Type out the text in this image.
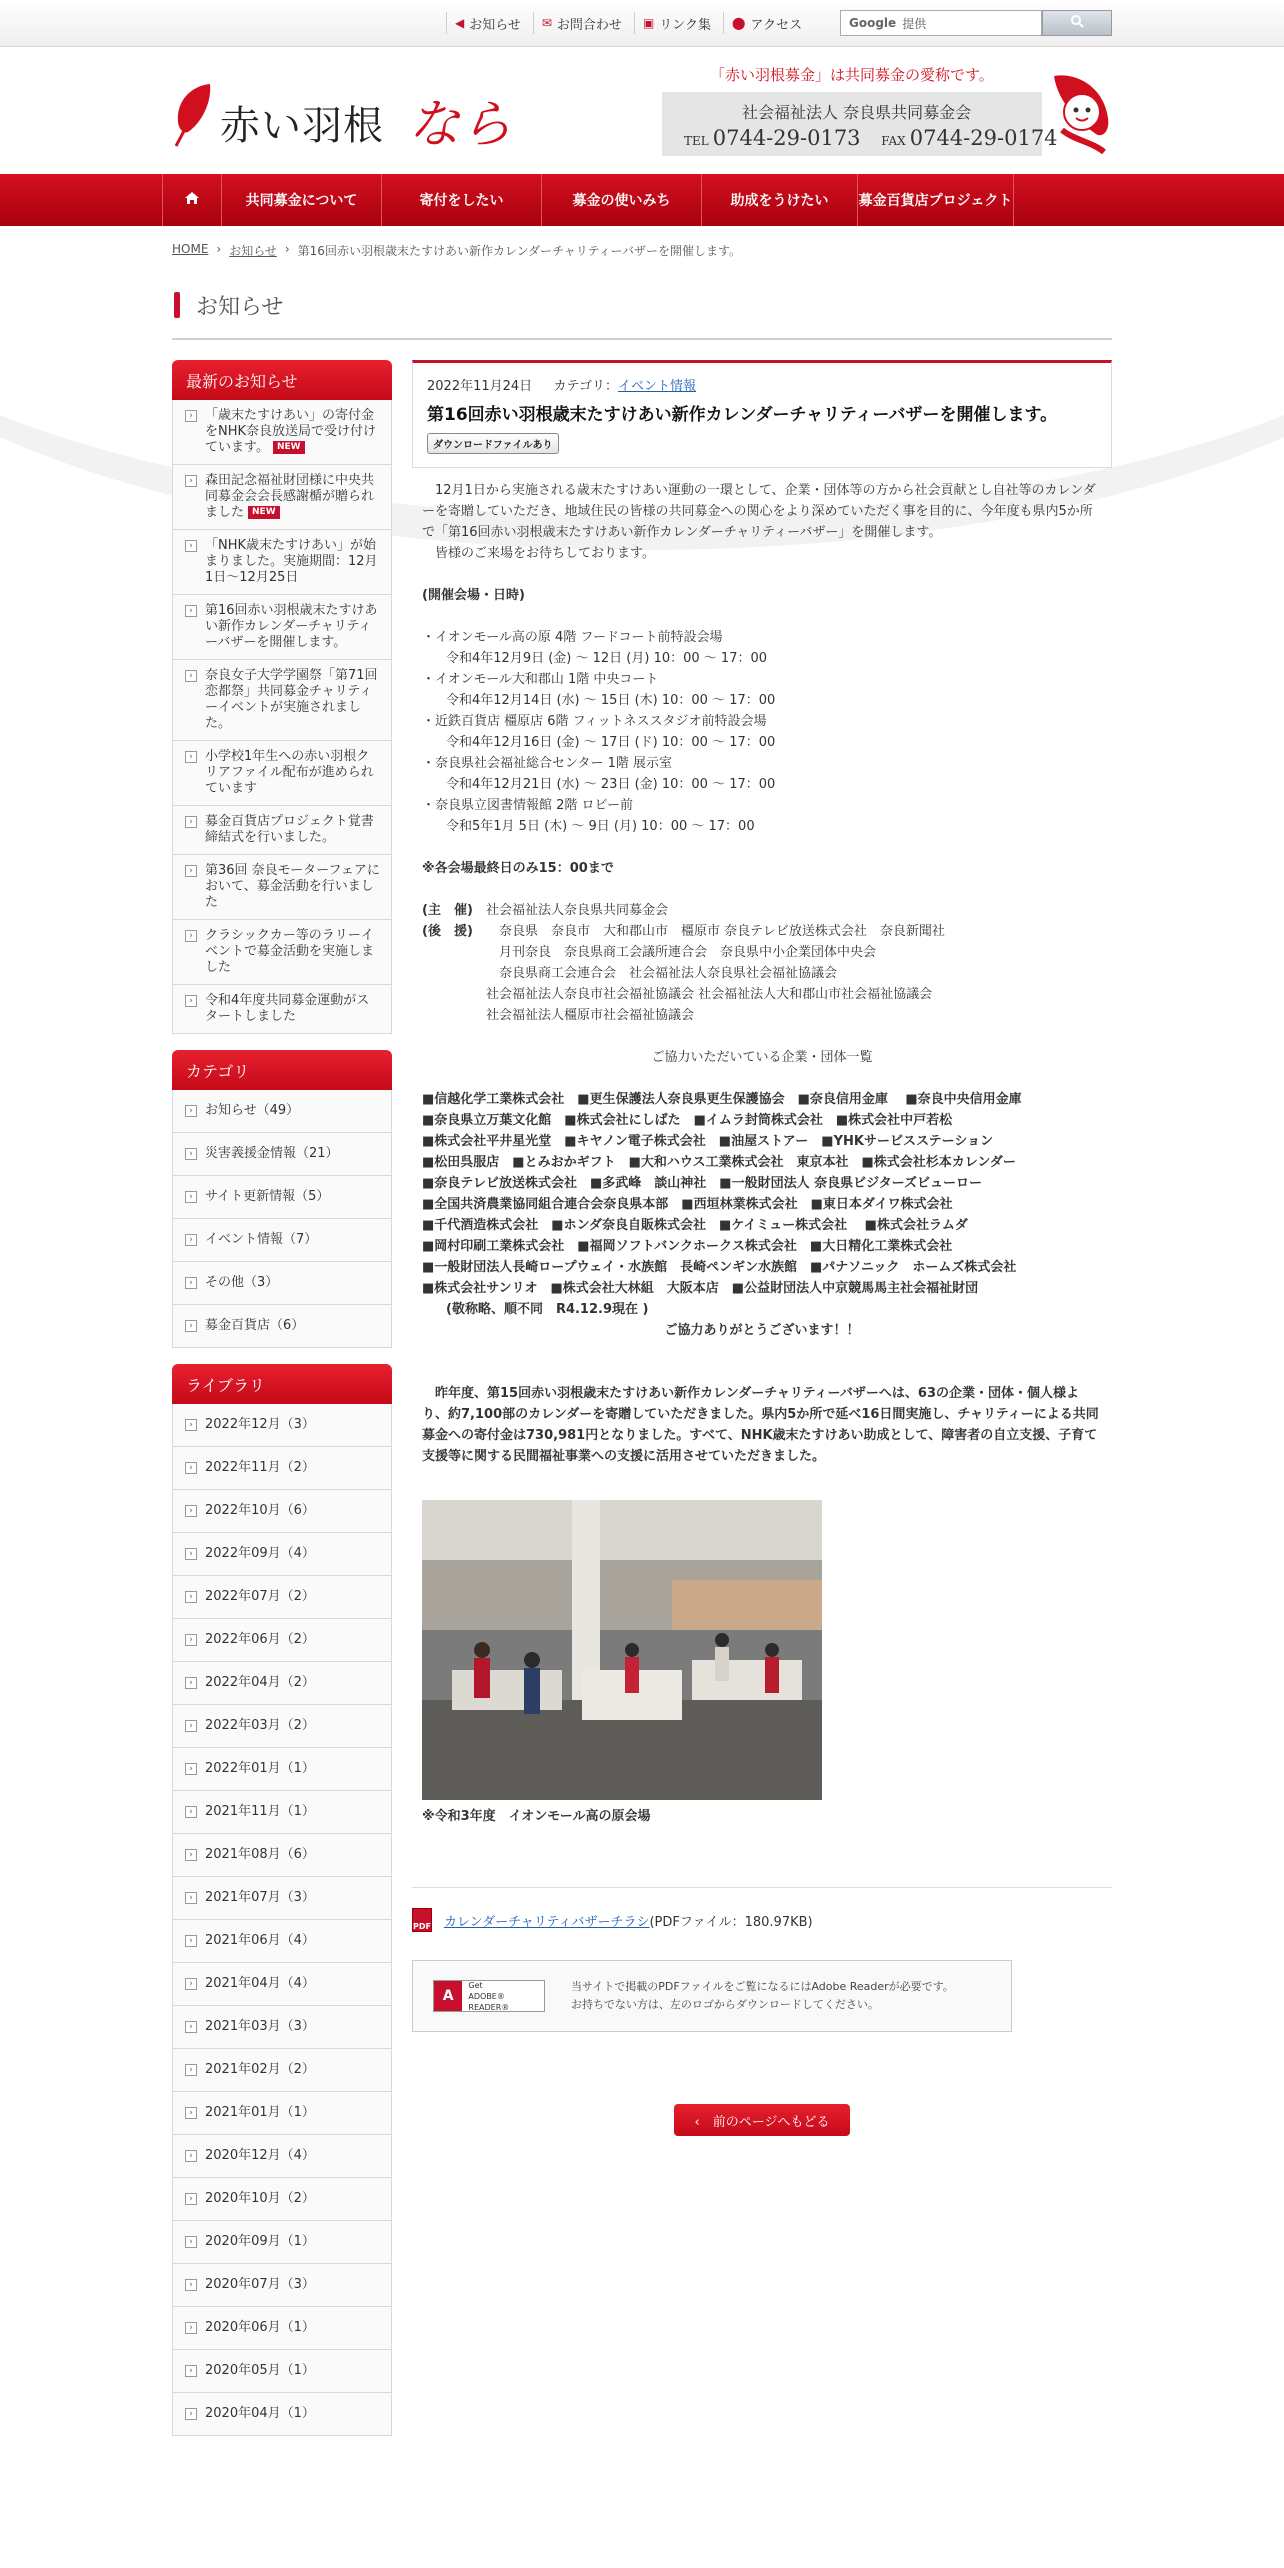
◀ お知らせ ✉ お問合わせ ▣ リンク集 ⬤ アクセス	Google 提供
赤い羽根 なら
「赤い羽根募金」は共同募金の愛称です。
社会福祉法人 奈良県共同募金会
TEL 0744-29-0173 FAX 0744-29-0174
共同募金について	寄付をしたい	募金の使いみち	助成をうけたい	募金百貨店プロジェクト
HOME › お知らせ › 第16回赤い羽根歳末たすけあい新作カレンダーチャリティーバザーを開催します。
お知らせ
最新のお知らせ
› 「歳末たすけあい」の寄付金をNHK奈良放送局で受け付けています。 NEW
› 森田記念福祉財団様に中央共同募金会会長感謝楯が贈られました NEW
› 「NHK歳末たすけあい」が始まりました。実施期間：12月1日～12月25日
› 第16回赤い羽根歳末たすけあい新作カレンダーチャリティーバザーを開催します。
› 奈良女子大学学園祭「第71回恋都祭」共同募金チャリティーイベントが実施されました。
› 小学校1年生への赤い羽根クリアファイル配布が進められています
› 募金百貨店プロジェクト覚書締結式を行いました。
› 第36回 奈良モーターフェアにおいて、募金活動を行いました
› クラシックカー等のラリーイベントで募金活動を実施しました
› 令和4年度共同募金運動がスタートしました
カテゴリ
› お知らせ（49）
› 災害義援金情報（21）
› サイト更新情報（5）
› イベント情報（7）
› その他（3）
› 募金百貨店（6）
ライブラリ
› 2022年12月（3）
› 2022年11月（2）
› 2022年10月（6）
› 2022年09月（4）
› 2022年07月（2）
› 2022年06月（2）
› 2022年04月（2）
› 2022年03月（2）
› 2022年01月（1）
› 2021年11月（1）
› 2021年08月（6）
› 2021年07月（3）
› 2021年06月（4）
› 2021年04月（4）
› 2021年03月（3）
› 2021年02月（2）
› 2021年01月（1）
› 2020年12月（4）
› 2020年10月（2）
› 2020年09月（1）
› 2020年07月（3）
› 2020年06月（1）
› 2020年05月（1）
› 2020年04月（1）
2022年11月24日 　 カテゴリ：イベント情報
第16回赤い羽根歳末たすけあい新作カレンダーチャリティーバザーを開催します。
ダウンロードファイルあり

　12月1日から実施される歳末たすけあい運動の一環として、企業・団体等の方から社会貢献とし自社等のカレンダーを寄贈していただき、地域住民の皆様の共同募金への関心をより深めていただく事を目的に、今年度も県内5か所で「第16回赤い羽根歳末たすけあい新作カレンダーチャリティーバザー」を開催します。

　皆様のご来場をお待ちしております。

(開催会場・日時)

・イオンモール高の原 4階 フードコート前特設会場

令和4年12月9日 (金) ～ 12日 (月) 10：00 ～ 17：00

・イオンモール大和郡山 1階 中央コート

令和4年12月14日 (水) ～ 15日 (木) 10：00 ～ 17：00

・近鉄百貨店 橿原店 6階 フィットネススタジオ前特設会場

令和4年12月16日 (金) ～ 17日 (ド) 10：00 ～ 17：00

・奈良県社会福祉総合センター 1階 展示室

令和4年12月21日 (水) ～ 23日 (金) 10：00 ～ 17：00

・奈良県立図書情報館 2階 ロビー前

令和5年1月 5日 (木) ～ 9日 (月) 10：00 ～ 17：00

※各会場最終日のみ15：00まで

(主　催)	社会福祉法人奈良県共同募金会
(後　援)	　奈良県　奈良市　大和郡山市　橿原市 奈良テレビ放送株式会社　奈良新聞社

　月刊奈良　奈良県商工会議所連合会　奈良県中小企業団体中央会

　奈良県商工会連合会　社会福祉法人奈良県社会福祉協議会

社会福祉法人奈良市社会福祉協議会 社会福祉法人大和郡山市社会福祉協議会

社会福祉法人橿原市社会福祉協議会

ご協力いただいている企業・団体一覧

■信越化学工業株式会社　■更生保護法人奈良県更生保護協会　■奈良信用金庫　 ■奈良中央信用金庫

■奈良県立万葉文化館　■株式会社にしばた　■イムラ封筒株式会社　■株式会社中戸若松

■株式会社平井星光堂　■キヤノン電子株式会社　■油屋ストアー　■YHKサービスステーション

■松田呉服店　■とみおかギフト　■大和ハウス工業株式会社　東京本社　■株式会社杉本カレンダー

■奈良テレビ放送株式会社　■多武峰　談山神社　■一般財団法人 奈良県ビジターズビューロー

■全国共済農業協同組合連合会奈良県本部　■西垣林業株式会社　■東日本ダイワ株式会社

■千代酒造株式会社　■ホンダ奈良自販株式会社　■ケイミュー株式会社　 ■株式会社ラムダ

■岡村印刷工業株式会社　■福岡ソフトバンクホークス株式会社　■大日精化工業株式会社

■一般財団法人長崎ロープウェイ・水族館　長崎ペンギン水族館　■パナソニック　ホームズ株式会社

■株式会社サンリオ　■株式会社大林組　大阪本店　■公益財団法人中京競馬馬主社会福祉財団

(敬称略、順不同　R4.12.9現在 )

ご協力ありがとうございます！！

　昨年度、第15回赤い羽根歳末たすけあい新作カレンダーチャリティーバザーへは、63の企業・団体・個人様より、約7,100部のカレンダーを寄贈していただきました。県内5か所で延べ16日間実施し、チャリティーによる共同募金への寄付金は730,981円となりました。すべて、NHK歳末たすけあい助成として、障害者の自立支援、子育て支援等に関する民間福祉事業への支援に活用させていただきました。

※令和3年度　イオンモール高の原会場

PDF カレンダーチャリティバザーチラシ (PDFファイル：180.97KB)
A
Get
ADOBE® READER®
当サイトで掲載のPDFファイルをご覧になるにはAdobe Readerが必要です。
お持ちでない方は、左のロゴからダウンロードしてください。
‹　前のページへもどる
